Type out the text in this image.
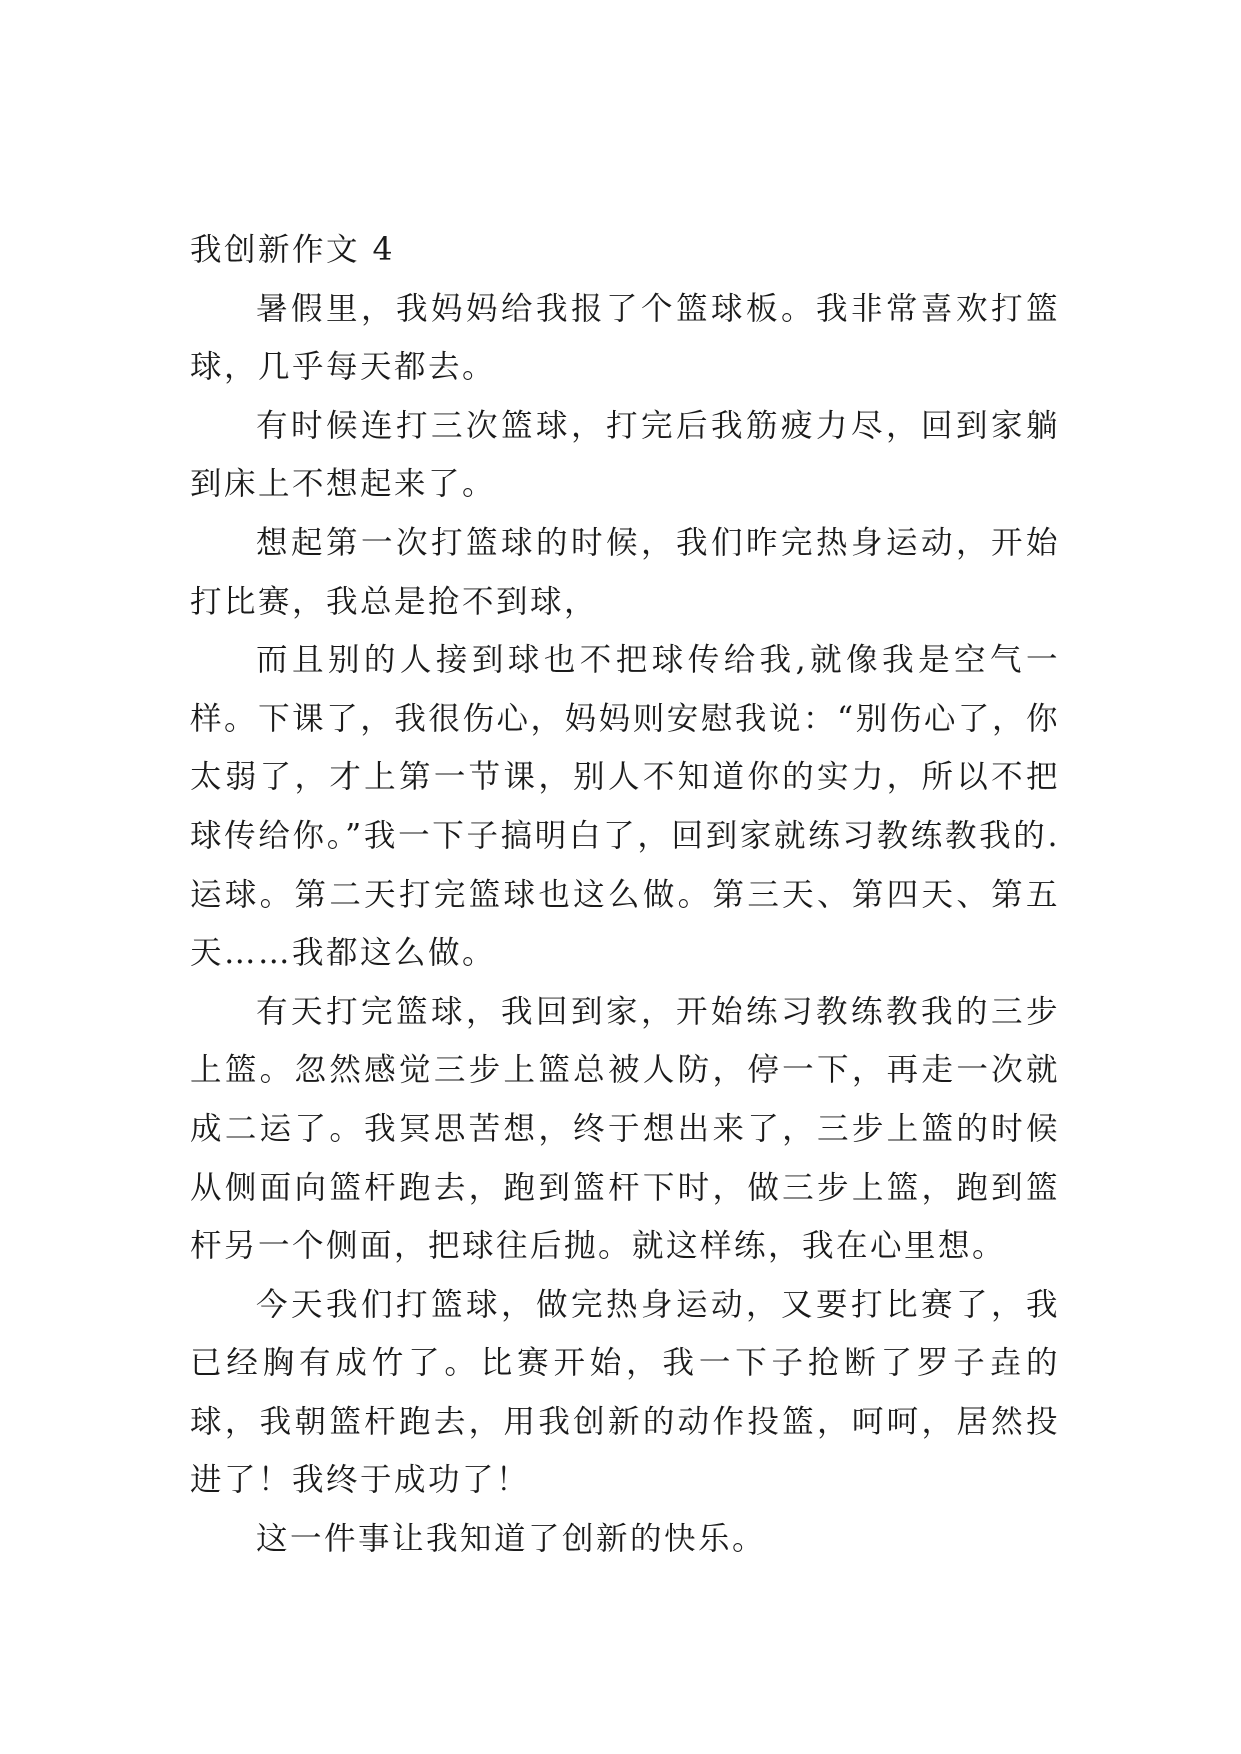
我创新作文 4

暑假里，我妈妈给我报了个篮球板。我非常喜欢打篮球，几乎每天都去。

有时候连打三次篮球，打完后我筋疲力尽，回到家躺到床上不想起来了。

想起第一次打篮球的时候，我们昨完热身运动，开始打比赛，我总是抢不到球，

而且别的人接到球也不把球传给我,就像我是空气一样。下课了，我很伤心，妈妈则安慰我说：“别伤心了，你太弱了，才上第一节课，别人不知道你的实力，所以不把球传给你。”我一下子搞明白了，回到家就练习教练教我的.运球。第二天打完篮球也这么做。第三天、第四天、第五天……我都这么做。

有天打完篮球，我回到家，开始练习教练教我的三步上篮。忽然感觉三步上篮总被人防，停一下，再走一次就成二运了。我冥思苦想，终于想出来了，三步上篮的时候从侧面向篮杆跑去，跑到篮杆下时，做三步上篮，跑到篮杆另一个侧面，把球往后抛。就这样练，我在心里想。

今天我们打篮球，做完热身运动，又要打比赛了，我已经胸有成竹了。比赛开始，我一下子抢断了罗子垚的球，我朝篮杆跑去，用我创新的动作投篮，呵呵，居然投进了！我终于成功了！

这一件事让我知道了创新的快乐。
